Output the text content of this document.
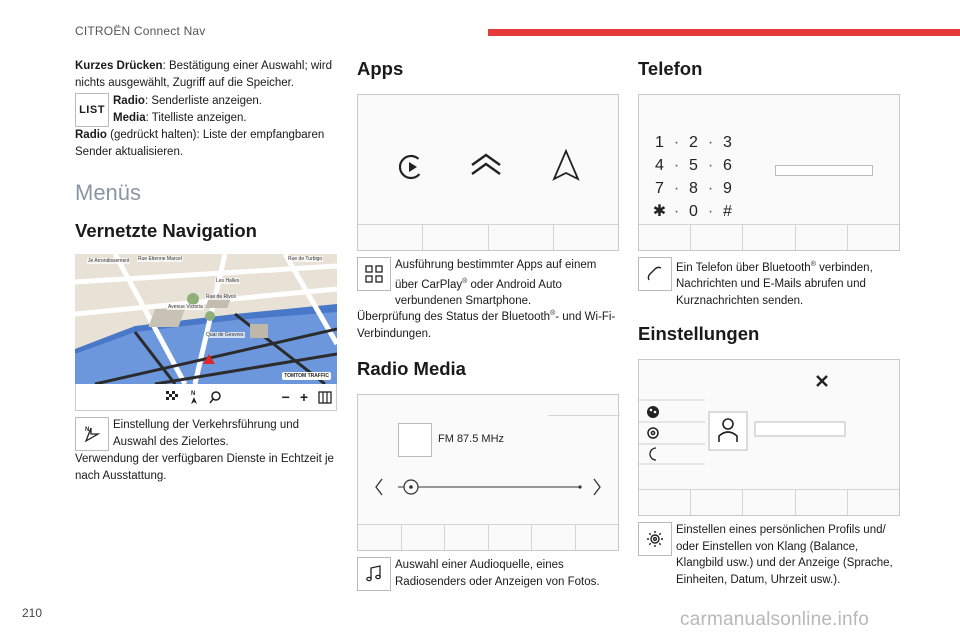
CITROËN Connect Nav
Kurzes Drücken: Bestätigung einer Auswahl; wird nichts ausgewählt, Zugriff auf die Speicher.
LIST
Radio: Senderliste anzeigen.
Media: Titelliste anzeigen.
Radio (gedrückt halten): Liste der empfangbaren Sender aktualisieren.
Menüs
Vernetzte Navigation
Je Arrondissement Rue Etienne Marcel	Rue de Turbigo
Les Halles
Rue de Rivoli
Avenue Victoria
Quai de Gesvres
TOMTOM TRAFFIC
N	− +
N Einstellung der Verkehrsführung und Auswahl des Zielortes.
Verwendung der verfügbaren Dienste in Echtzeit je nach Ausstattung.
Apps
Ausführung bestimmter Apps auf einem über CarPlay® oder Android Auto verbundenen Smartphone.
Überprüfung des Status der Bluetooth®- und Wi-Fi-Verbindungen.
Radio Media
FM 87.5 MHz
Auswahl einer Audioquelle, eines Radiosenders oder Anzeigen von Fotos.
Telefon
1 · 2 · 3
4 · 5 · 6
7 · 8 · 9
✱ · 0 · #
Ein Telefon über Bluetooth® verbinden, Nachrichten und E-Mails abrufen und Kurznachrichten senden.
Einstellungen
Einstellen eines persönlichen Profils und/ oder Einstellen von Klang (Balance, Klangbild usw.) und der Anzeige (Sprache, Einheiten, Datum, Uhrzeit usw.).
210	carmanualsonline.info
